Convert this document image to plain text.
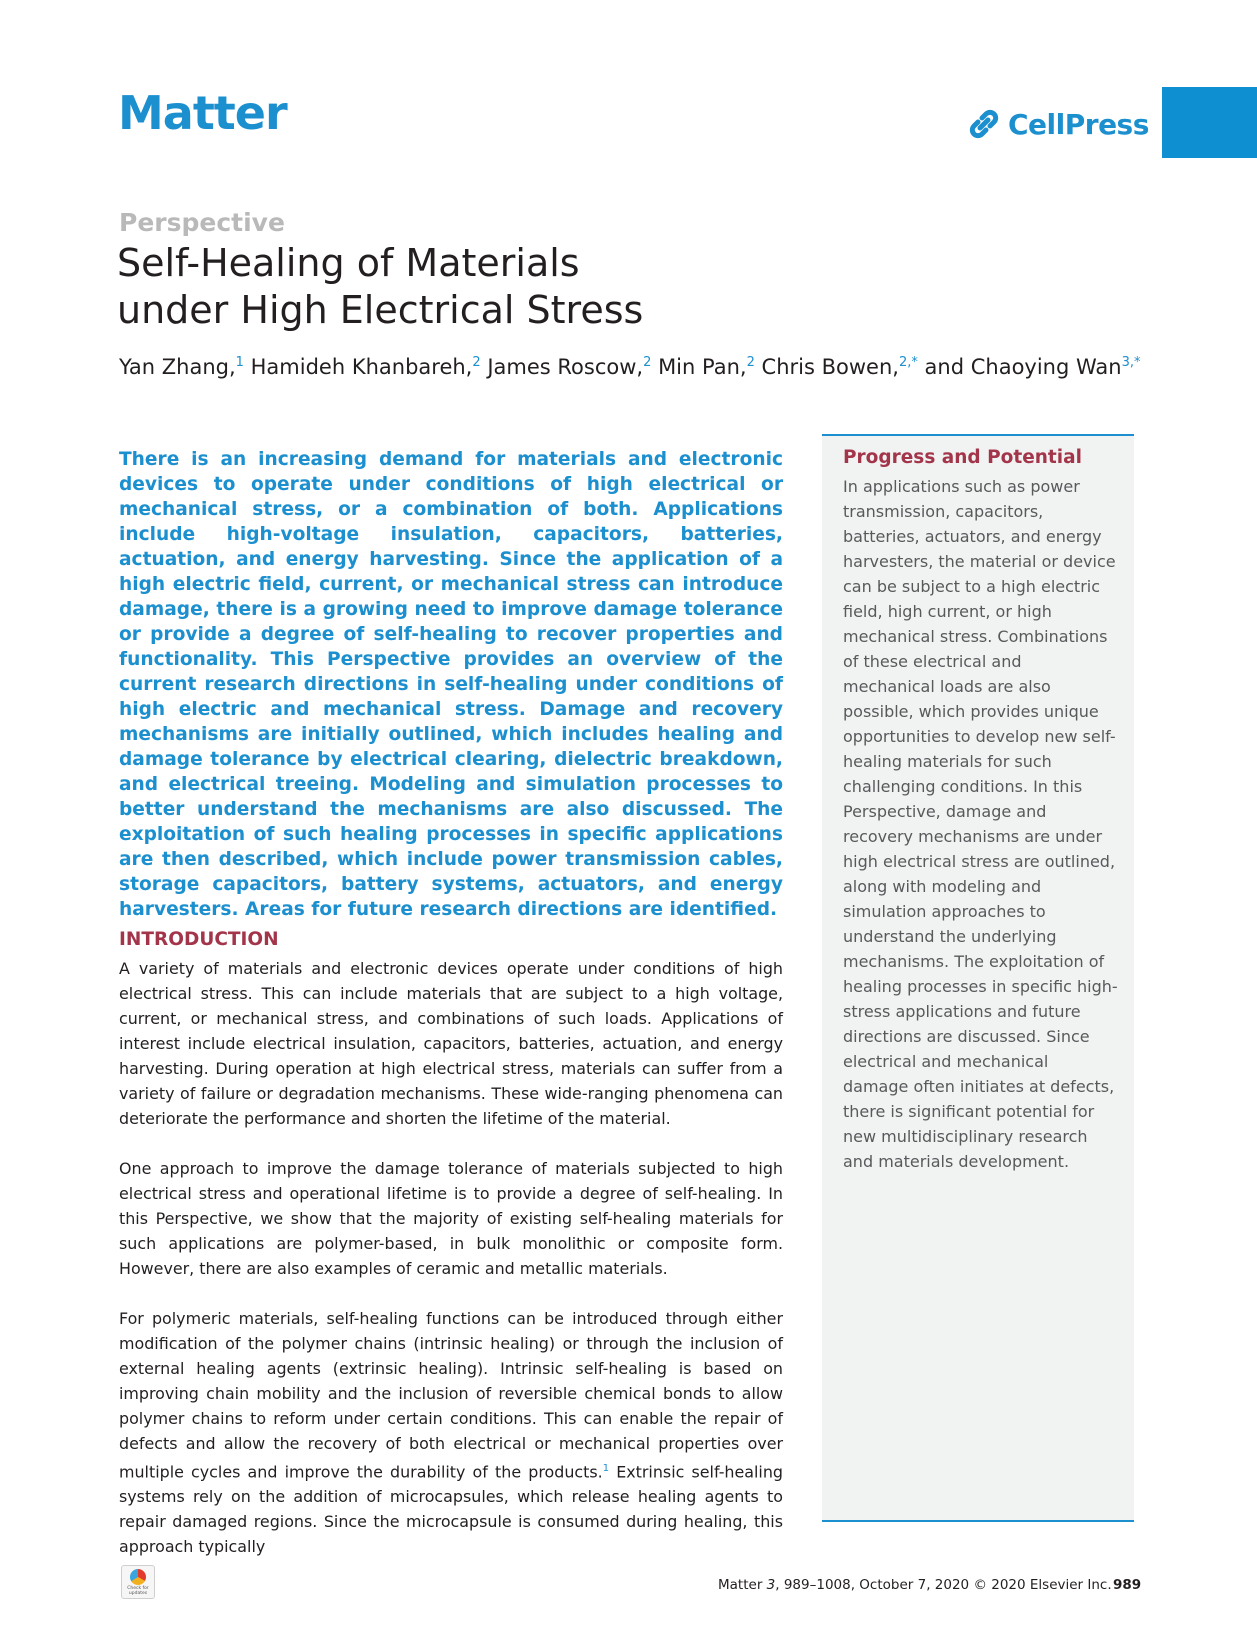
Matter	CellPress
Perspective
Self-Healing of Materials
under High Electrical Stress
Yan Zhang,$^1$ Hamideh Khanbareh,$^2$ James Roscow,$^2$ Min Pan,$^2$ Chris Bowen,$^{2,*}$ and Chaoying Wan$^{3,*}$
There is an increasing demand for materials and electronic devices to operate under conditions of high electrical or mechanical stress, or a combination of both. Applications include high-voltage insulation, capacitors, batteries, actuation, and energy harvesting. Since the application of a high electric field, current, or mechanical stress can introduce damage, there is a growing need to improve damage tolerance or provide a degree of self-healing to recover properties and functionality. This Perspective provides an overview of the current research directions in self-healing under conditions of high electric and mechanical stress. Damage and recovery mechanisms are initially outlined, which includes healing and damage tolerance by electrical clearing, dielectric breakdown, and electrical treeing. Modeling and simulation processes to better understand the mechanisms are also discussed. The exploitation of such healing processes in specific applications are then described, which include power transmission cables, storage capacitors, battery systems, actuators, and energy harvesters. Areas for future research directions are identified.
INTRODUCTION
A variety of materials and electronic devices operate under conditions of high electrical stress. This can include materials that are subject to a high voltage, current, or mechanical stress, and combinations of such loads. Applications of interest include electrical insulation, capacitors, batteries, actuation, and energy harvesting. During operation at high electrical stress, materials can suffer from a variety of failure or degradation mechanisms. These wide-ranging phenomena can deteriorate the performance and shorten the lifetime of the material.
One approach to improve the damage tolerance of materials subjected to high electrical stress and operational lifetime is to provide a degree of self-healing. In this Perspective, we show that the majority of existing self-healing materials for such applications are polymer-based, in bulk monolithic or composite form. However, there are also examples of ceramic and metallic materials.
For polymeric materials, self-healing functions can be introduced through either modification of the polymer chains (intrinsic healing) or through the inclusion of external healing agents (extrinsic healing). Intrinsic self-healing is based on improving chain mobility and the inclusion of reversible chemical bonds to allow polymer chains to reform under certain conditions. This can enable the repair of defects and allow the recovery of both electrical or mechanical properties over multiple cycles and improve the durability of the products.$^1$ Extrinsic self-healing systems rely on the addition of microcapsules, which release healing agents to repair damaged regions. Since the microcapsule is consumed during healing, this approach typically
Progress and Potential
In applications such as power transmission, capacitors, batteries, actuators, and energy harvesters, the material or device can be subject to a high electric field, high current, or high mechanical stress. Combinations of these electrical and mechanical loads are also possible, which provides unique opportunities to develop new self-healing materials for such challenging conditions. In this Perspective, damage and recovery mechanisms are under high electrical stress are outlined, along with modeling and simulation approaches to understand the underlying mechanisms. The exploitation of healing processes in specific high-stress applications and future directions are discussed. Since electrical and mechanical damage often initiates at defects, there is significant potential for new multidisciplinary research and materials development.
Check for updates	Matter 3, 989–1008, October 7, 2020 © 2020 Elsevier Inc. 989
